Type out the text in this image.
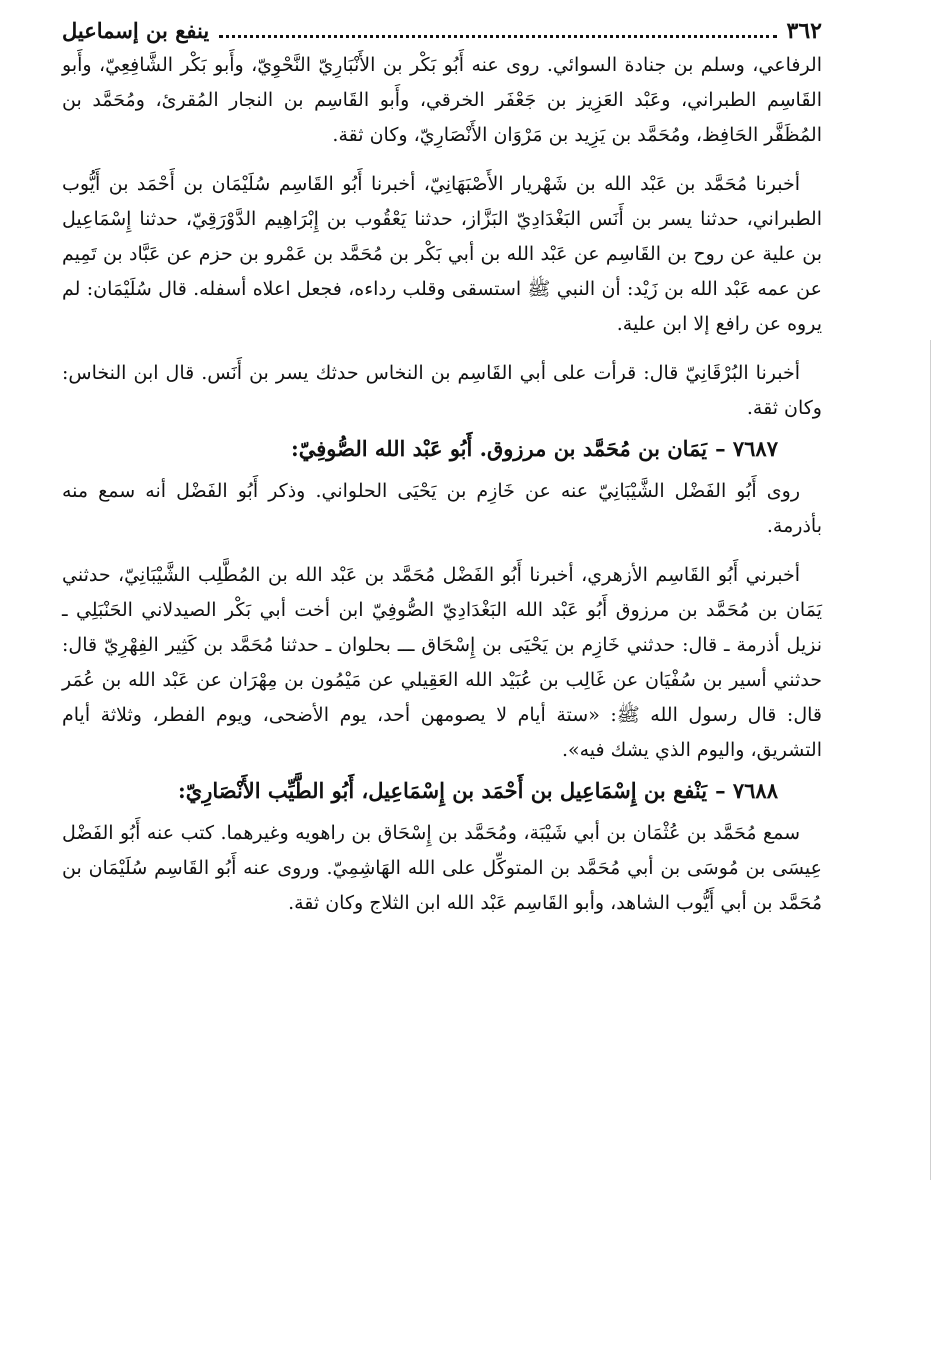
٣٦٢
ينفع بن إسماعيل

الرفاعي، وسلم بن جنادة السوائي. روى عنه أَبُو بَكْر بن الأَنْبَارِيّ النَّحْوِيّ، وأَبو بَكْر الشَّافِعِيّ، وأَبو القَاسِم الطبراني، وعَبْد العَزِيز بن جَعْفَر الخرقي، وأَبو القَاسِم بن النجار المُقرئ، ومُحَمَّد بن المُظَفَّر الحَافِظ، ومُحَمَّد بن يَزِيد بن مَرْوَان الأَنْصَارِيّ، وكان ثقة.

أخبرنا مُحَمَّد بن عَبْد الله بن شَهْريار الأَصْبَهَانِيّ، أخبرنا أَبُو القَاسِم سُلَيْمَان بن أَحْمَد بن أَيُّوب الطبراني، حدثنا يسر بن أَنَس البَغْدَادِيّ البَزَّاز، حدثنا يَعْقُوب بن إِبْرَاهِيم الدَّوْرَقِيّ، حدثنا إِسْمَاعِيل بن علية عن روح بن القَاسِم عن عَبْد الله بن أبي بَكْر بن مُحَمَّد بن عَمْرو بن حزم عن عَبَّاد بن تَمِيم عن عمه عَبْد الله بن زَيْد: أن النبي ﷺ استسقى وقلب رداءه، فجعل اعلاه أسفله. قال سُلَيْمَان: لم يروه عن رافع إلا ابن علية.

أخبرنا البُرْقَانِيّ قال: قرأت على أبي القَاسِم بن النخاس حدثك يسر بن أَنَس. قال ابن النخاس: وكان ثقة.

٧٦٨٧ –يَمَان بن مُحَمَّد بن مرزوق. أَبُو عَبْد الله الصُّوفِيّ:

روى أَبُو الفَضْل الشَّيْبَانِيّ عنه عن خَازِم بن يَحْيَى الحلواني. وذكر أَبُو الفَضْل أنه سمع منه بأذرمة.

أخبرني أَبُو القَاسِم الأزهري، أخبرنا أَبُو الفَضْل مُحَمَّد بن عَبْد الله بن المُطَّلِب الشَّيْبَانِيّ، حدثني يَمَان بن مُحَمَّد بن مرزوق أَبُو عَبْد الله البَغْدَادِيّ الصُّوفِيّ ابن أخت أبي بَكْر الصيدلاني الحَنْبَلِي ـ نزيل أذرمة ـ قال: حدثني خَازِم بن يَحْيَى بن إِسْحَاق ـــ بحلوان ـ حدثنا مُحَمَّد بن كَثِير الفِهْرِيّ قال: حدثني أسير بن سُفْيَان عن غَالِب بن عُبَيْد الله العَقِيلي عن مَيْمُون بن مِهْرَان عن عَبْد الله بن عُمَر قال: قال رسول الله ﷺ: «ستة أيام لا يصومهن أحد، يوم الأضحى، ويوم الفطر، وثلاثة أيام التشريق، واليوم الذي يشك فيه».

٧٦٨٨ –يَنْفع بن إِسْمَاعِيل بن أَحْمَد بن إِسْمَاعِيل، أَبُو الطَّيِّب الأَنْصَارِيّ:

سمع مُحَمَّد بن عُثْمَان بن أبي شَيْبَة، ومُحَمَّد بن إِسْحَاق بن راهويه وغيرهما. كتب عنه أَبُو الفَضْل عِيسَى بن مُوسَى بن أبي مُحَمَّد بن المتوكِّل على الله الهَاشِمِيّ. وروى عنه أَبُو القَاسِم سُلَيْمَان بن مُحَمَّد بن أبي أَيُّوب الشاهد، وأبو القَاسِم عَبْد الله ابن الثلاج وكان ثقة.
